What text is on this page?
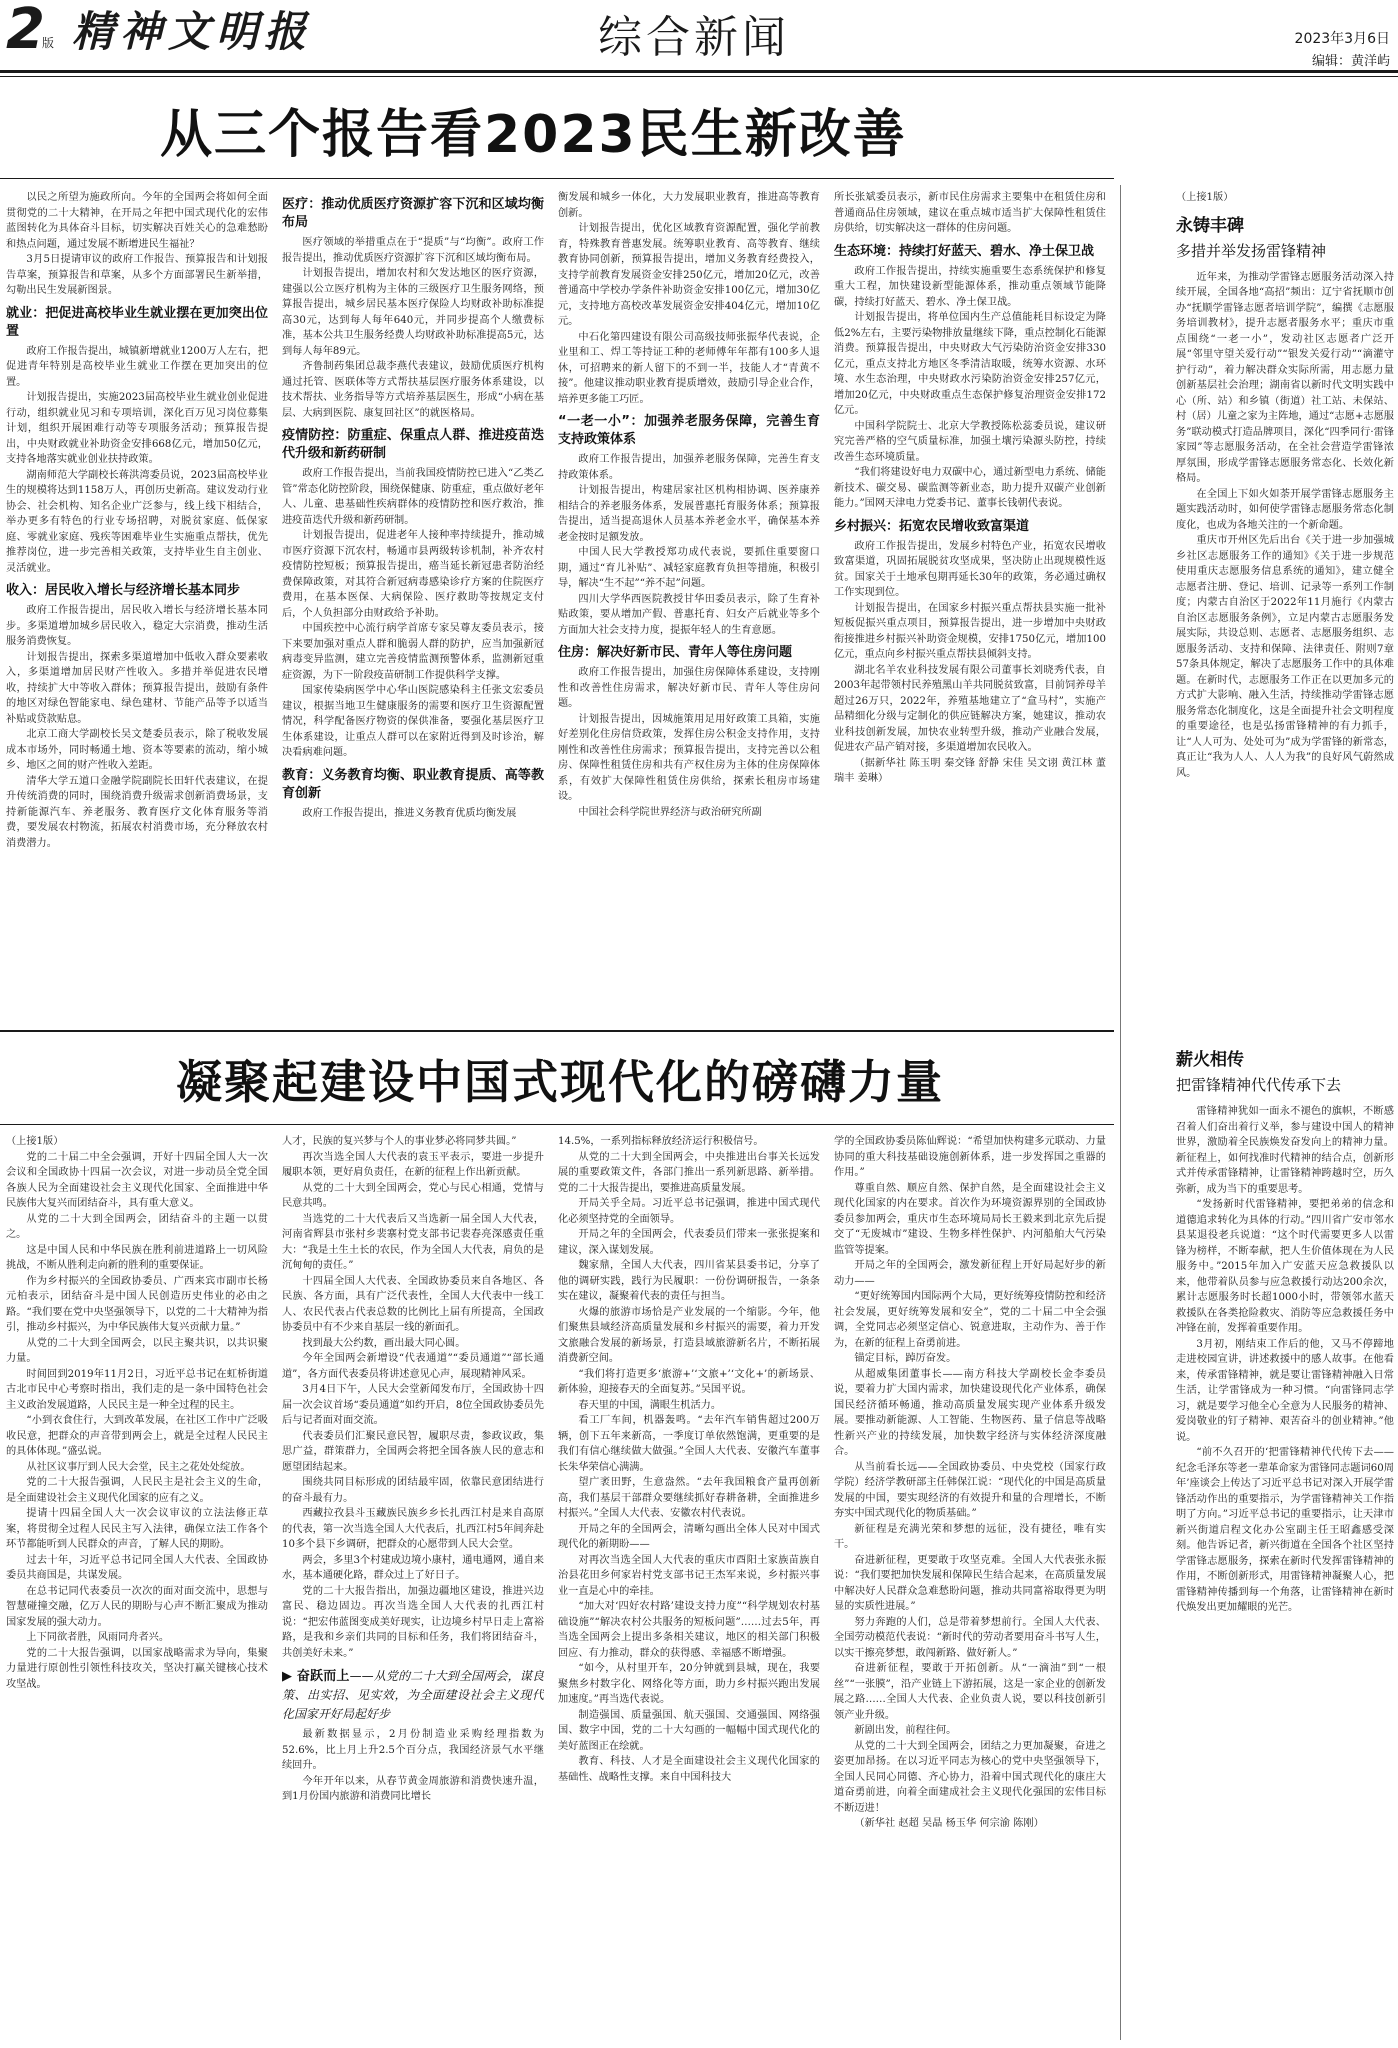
2
版 精神文明报	综合新闻	2023年3月6日
编辑：黄洋屿
从三个报告看2023民生新改善

以民之所望为施政所向。今年的全国两会将如何全面贯彻党的二十大精神，在开局之年把中国式现代化的宏伟蓝图转化为具体奋斗目标，切实解决百姓关心的急难愁盼和热点问题，通过发展不断增进民生福祉？

3月5日提请审议的政府工作报告、预算报告和计划报告草案，预算报告和草案，从多个方面部署民生新举措，勾勒出民生发展新图景。

就业：把促进高校毕业生就业摆在更加突出位置

政府工作报告提出，城镇新增就业1200万人左右，把促进青年特别是高校毕业生就业工作摆在更加突出的位置。

计划报告提出，实施2023届高校毕业生就业创业促进行动，组织就业见习和专项培训，深化百万见习岗位募集计划，组织开展困难行动等专项服务活动；预算报告提出，中央财政就业补助资金安排668亿元，增加50亿元，支持各地落实就业创业扶持政策。

湖南师范大学副校长蒋洪湾委员说，2023届高校毕业生的规模将达到1158万人，再创历史新高。建议发动行业协会、社会机构、知名企业广泛参与，线上线下相结合，举办更多有特色的行业专场招聘，对脱贫家庭、低保家庭、零就业家庭、残疾等困难毕业生实施重点帮扶，优先推荐岗位，进一步完善相关政策，支持毕业生自主创业、灵活就业。

收入：居民收入增长与经济增长基本同步

政府工作报告提出，居民收入增长与经济增长基本同步。多渠道增加城乡居民收入，稳定大宗消费，推动生活服务消费恢复。

计划报告提出，探索多渠道增加中低收入群众要素收入，多渠道增加居民财产性收入。多措并举促进农民增收，持续扩大中等收入群体；预算报告提出，鼓励有条件的地区对绿色智能家电、绿色建材、节能产品等予以适当补贴或贷款贴息。

北京工商大学副校长吴文楚委员表示，除了税收发展成本市场外，同时畅通土地、资本等要素的流动，缩小城乡、地区之间的财产性收入差距。

清华大学五道口金融学院副院长田轩代表建议，在提升传统消费的同时，围绕消费升级需求创新消费场景，支持新能源汽车、养老服务、教育医疗文化体育服务等消费，要发展农村物流，拓展农村消费市场，充分释放农村消费潜力。

医疗：推动优质医疗资源扩容下沉和区域均衡布局

医疗领域的举措重点在于“提质”与“均衡”。政府工作报告提出，推动优质医疗资源扩容下沉和区域均衡布局。

计划报告提出，增加农村和欠发达地区的医疗资源，建强以公立医疗机构为主体的三级医疗卫生服务网络，预算报告提出，城乡居民基本医疗保险人均财政补助标准提高30元，达到每人每年640元，并同步提高个人缴费标准，基本公共卫生服务经费人均财政补助标准提高5元，达到每人每年89元。

齐鲁制药集团总裁李燕代表建议，鼓励优质医疗机构通过托管、医联体等方式帮扶基层医疗服务体系建设，以技术帮扶、业务指导等方式培养基层医生，形成“小病在基层、大病到医院、康复回社区”的就医格局。

疫情防控：防重症、保重点人群、推进疫苗迭代升级和新药研制

政府工作报告提出，当前我国疫情防控已进入“乙类乙管”常态化防控阶段，围绕保健康、防重症，重点做好老年人、儿童、患基础性疾病群体的疫情防控和医疗救治，推进疫苗迭代升级和新药研制。

计划报告提出，促进老年人接种率持续提升，推动城市医疗资源下沉农村，畅通市县两级转诊机制，补齐农村疫情防控短板；预算报告提出，癌当延长新冠患者防治经费保障政策，对其符合新冠病毒感染诊疗方案的住院医疗费用，在基本医保、大病保险、医疗救助等按规定支付后，个人负担部分由财政给予补助。

中国疾控中心流行病学首席专家吴尊友委员表示，接下来要加强对重点人群和脆弱人群的防护，应当加强新冠病毒变异监测，建立完善疫情监测预警体系，监测新冠重症资源，为下一阶段疫苗研制工作提供科学支撑。

国家传染病医学中心华山医院感染科主任张文宏委员建议，根据当地卫生健康服务的需要和医疗卫生资源配置情况，科学配备医疗物资的保供准备，要强化基层医疗卫生体系建设，让重点人群可以在家附近得到及时诊治，解决看病难问题。

教育：义务教育均衡、职业教育提质、高等教育创新

政府工作报告提出，推进义务教育优质均衡发展

衡发展和城乡一体化，大力发展职业教育，推进高等教育创新。

计划报告提出，优化区域教育资源配置，强化学前教育，特殊教育普惠发展。统筹职业教育、高等教育、继续教育协同创新，预算报告提出，增加义务教育经费投入，支持学前教育发展资金安排250亿元，增加20亿元，改善普通高中学校办学条件补助资金安排100亿元，增加30亿元，支持地方高校改革发展资金安排404亿元，增加10亿元。

中石化第四建设有限公司高级技师张振华代表说，企业里和工、焊工等持证工种的老师傅年年都有100多人退休，可招聘来的新人留下的不到一半，技能人才“青黄不接”。他建议推动职业教育提质增效，鼓励引导企业合作，培养更多能工巧匠。

“一老一小”：加强养老服务保障，完善生育支持政策体系

政府工作报告提出，加强养老服务保障，完善生育支持政策体系。

计划报告提出，构建居家社区机构相协调、医养康养相结合的养老服务体系，发展普惠托育服务体系；预算报告提出，适当提高退休人员基本养老金水平，确保基本养老金按时足额发放。

中国人民大学教授郑功成代表说，要抓住重要窗口期，通过“育儿补贴”、减轻家庭教育负担等措施，积极引导，解决“生不起”“养不起”问题。

四川大学华西医院教授甘华田委员表示，除了生育补贴政策，要从增加产假、普惠托育、妇女产后就业等多个方面加大社会支持力度，提振年轻人的生育意愿。

住房：解决好新市民、青年人等住房问题

政府工作报告提出，加强住房保障体系建设，支持刚性和改善性住房需求，解决好新市民、青年人等住房问题。

计划报告提出，因城施策用足用好政策工具箱，实施好差别化住房信贷政策，发挥住房公积金支持作用，支持刚性和改善性住房需求；预算报告提出，支持完善以公租房、保障性租赁住房和共有产权住房为主体的住房保障体系，有效扩大保障性租赁住房供给，探索长租房市场建设。

中国社会科学院世界经济与政治研究所副

所长张斌委员表示，新市民住房需求主要集中在租赁住房和普通商品住房领域，建议在重点城市适当扩大保障性租赁住房供给，切实解决这一群体的住房问题。

生态环境：持续打好蓝天、碧水、净土保卫战

政府工作报告提出，持续实施重要生态系统保护和修复重大工程，加快建设新型能源体系，推动重点领域节能降碳，持续打好蓝天、碧水、净土保卫战。

计划报告提出，将单位国内生产总值能耗目标设定为降低2%左右，主要污染物排放量继续下降，重点控制化石能源消费。预算报告提出，中央财政大气污染防治资金安排330亿元，重点支持北方地区冬季清洁取暖，统筹水资源、水环境、水生态治理，中央财政水污染防治资金安排257亿元，增加20亿元，中央财政重点生态保护修复治理资金安排172亿元。

中国科学院院士、北京大学教授陈松蕊委员说，建议研究完善严格的空气质量标准，加强土壤污染源头防控，持续改善生态环境质量。

“我们将建设好电力双碳中心，通过新型电力系统、储能新技术、碳交易、碳监测等新业态，助力提升双碳产业创新能力。”国网天津电力党委书记、董事长钱朝代表说。

乡村振兴：拓宽农民增收致富渠道

政府工作报告提出，发展乡村特色产业，拓宽农民增收致富渠道，巩固拓展脱贫攻坚成果，坚决防止出现规模性返贫。国家关于土地承包期再延长30年的政策，务必通过确权工作实现到位。

计划报告提出，在国家乡村振兴重点帮扶县实施一批补短板促振兴重点项目，预算报告提出，进一步增加中央财政衔接推进乡村振兴补助资金规模，安排1750亿元，增加100亿元，重点向乡村振兴重点帮扶县倾斜支持。

湖北名羊农业科技发展有限公司董事长刘晓秀代表，自2003年起带领村民养殖黑山羊共同脱贫致富，目前饲养母羊超过26万只，2022年，养殖基地建立了“盒马村”，实施产品精细化分级与定制化的供应链解决方案，她建议，推动农业科技创新发展，加快农业转型升级，推动产业融合发展，促进农产品产销对接，多渠道增加农民收入。

（据新华社 陈玉明 秦交锋 舒静 宋佳 吴文诩 黄江林 董瑞丰 姜琳）

凝聚起建设中国式现代化的磅礴力量

（上接1版）

党的二十届二中全会强调，开好十四届全国人大一次会议和全国政协十四届一次会议，对进一步动员全党全国各族人民为全面建设社会主义现代化国家、全面推进中华民族伟大复兴而团结奋斗，具有重大意义。

从党的二十大到全国两会，团结奋斗的主题一以贯之。

这是中国人民和中华民族在胜利前进道路上一切风险挑战，不断从胜利走向新的胜利的重要保证。

作为乡村振兴的全国政协委员、广西来宾市副市长杨元柏表示，团结奋斗是中国人民创造历史伟业的必由之路。“我们要在党中央坚强领导下，以党的二十大精神为指引，推动乡村振兴，为中华民族伟大复兴贡献力量。”

从党的二十大到全国两会，以民主聚共识，以共识聚力量。

时间回到2019年11月2日，习近平总书记在虹桥街道古北市民中心考察时指出，我们走的是一条中国特色社会主义政治发展道路，人民民主是一种全过程的民主。

“小到衣食住行，大到改革发展，在社区工作中广泛吸收民意，把群众的声音带到两会上，就是全过程人民民主的具体体现。”盛弘说。

从社区议事厅到人民大会堂，民主之花处处绽放。

党的二十大报告强调，人民民主是社会主义的生命，是全面建设社会主义现代化国家的应有之义。

提请十四届全国人大一次会议审议的立法法修正草案，将贯彻全过程人民民主写入法律，确保立法工作各个环节都能听到人民群众的声音，了解人民的期盼。

过去十年，习近平总书记同全国人大代表、全国政协委员共商国是，共谋发展。

在总书记同代表委员一次次的面对面交流中，思想与智慧碰撞交融，亿万人民的期盼与心声不断汇聚成为推动国家发展的强大动力。

上下同欲者胜，风雨同舟者兴。

党的二十大报告强调，以国家战略需求为导向，集聚力量进行原创性引领性科技攻关，坚决打赢关键核心技术攻坚战。

人才，民族的复兴梦与个人的事业梦必将同梦共圆。”

再次当选全国人大代表的袁玉平表示，要进一步提升履职本领，更好肩负责任，在新的征程上作出新贡献。

从党的二十大到全国两会，党心与民心相通，党情与民意共鸣。

当选党的二十大代表后又当选新一届全国人大代表，河南省辉县市张村乡裴寨村党支部书记裴春亮深感责任重大：“我是土生土长的农民，作为全国人大代表，肩负的是沉甸甸的责任。”

十四届全国人大代表、全国政协委员来自各地区、各民族、各方面，具有广泛代表性，全国人大代表中一线工人、农民代表占代表总数的比例比上届有所提高，全国政协委员中有不少来自基层一线的新面孔。

找到最大公约数，画出最大同心圆。

今年全国两会新增设“代表通道”“委员通道”“部长通道”，各方面代表委员将讲述意见心声，展现精神风采。

3月4日下午，人民大会堂新闻发布厅，全国政协十四届一次会议首场“委员通道”如约开启，8位全国政协委员先后与记者面对面交流。

代表委员们汇聚民意民智，履职尽责，参政议政，集思广益，群策群力，全国两会将把全国各族人民的意志和愿望团结起来。

围绕共同目标形成的团结最牢固，依靠民意团结进行的奋斗最有力。

西藏拉孜县斗玉藏族民族乡乡长扎西江村是来自高原的代表，第一次当选全国人大代表后，扎西江村5年间奔赴10多个县下乡调研，把群众的心愿带到人民大会堂。

两会，多里3个村建成边境小康村，通电通网，通自来水，基本通硬化路，群众过上了好日子。

党的二十大报告指出，加强边疆地区建设，推进兴边富民、稳边固边。再次当选全国人大代表的扎西江村说：“把宏伟蓝图变成美好现实，让边境乡村早日走上富裕路，是我和乡亲们共同的目标和任务，我们将团结奋斗，共创美好未来。”

▶ 奋跃而上——从党的二十大到全国两会，谋良策、出实招、见实效，为全面建设社会主义现代化国家开好局起好步

最新数据显示，2月份制造业采购经理指数为52.6%，比上月上升2.5个百分点，我国经济景气水平继续回升。

今年开年以来，从春节黄金周旅游和消费快速升温，到1月份国内旅游和消费同比增长

14.5%，一系列指标释放经济运行积极信号。

从党的二十大到全国两会，中央推进出台事关长远发展的重要政策文件，各部门推出一系列新思路、新举措。党的二十大报告提出，要推进高质量发展。

开局关乎全局。习近平总书记强调，推进中国式现代化必须坚持党的全面领导。

开局之年的全国两会，代表委员们带来一张张提案和建议，深入谋划发展。

魏家鼎，全国人大代表，四川省某县委书记，分享了他的调研实践，践行为民履职：一份份调研报告，一条条实在建议，凝聚着代表的责任与担当。

火爆的旅游市场恰是产业发展的一个缩影。今年，他们聚焦县域经济高质量发展和乡村振兴的需要，着力开发文旅融合发展的新场景，打造县域旅游新名片，不断拓展消费新空间。

“我们将打造更多‘旅游+’‘文旅+’‘文化+’的新场景、新体验，迎接春天的全面复苏。”吴国平说。

春天里的中国，满眼生机活力。

看工厂车间，机器轰鸣。“去年汽车销售超过200万辆，创下五年来新高，一季度订单依然饱满，更重要的是我们有信心继续做大做强。”全国人大代表、安徽汽车董事长朱华荣信心满满。

望广袤田野，生意盎然。“去年我国粮食产量再创新高，我们基层干部群众要继续抓好春耕备耕，全面推进乡村振兴。”全国人大代表、安徽农村代表说。

开局之年的全国两会，清晰勾画出全体人民对中国式现代化的新期盼——

对再次当选全国人大代表的重庆市酉阳土家族苗族自治县花田乡何家岩村党支部书记王杰军来说，乡村振兴事业一直是心中的牵挂。

“加大对‘四好农村路’建设支持力度”“科学规划农村基础设施”“解决农村公共服务的短板问题”……过去5年，再当选全国两会上提出多条相关建议，地区的相关部门积极回应、有力推动，群众的获得感、幸福感不断增强。

“如今，从村里开车，20分钟就到县城，现在，我要聚焦乡村数字化、网络化等方面，助力乡村振兴跑出发展加速度。”再当选代表说。

制造强国、质量强国、航天强国、交通强国、网络强国、数字中国，党的二十大勾画的一幅幅中国式现代化的美好蓝图正在绘就。

教育、科技、人才是全面建设社会主义现代化国家的基础性、战略性支撑。来自中国科技大

学的全国政协委员陈仙辉说：“希望加快构建多元联动、力量协同的重大科技基础设施创新体系，进一步发挥国之重器的作用。”

尊重自然、顺应自然、保护自然，是全面建设社会主义现代化国家的内在要求。首次作为环境资源界别的全国政协委员参加两会，重庆市生态环境局局长王毅来到北京先后提交了“无废城市”建设、生物多样性保护、内河船舶大气污染监管等提案。

开局之年的全国两会，激发新征程上开好局起好步的新动力——

“更好统筹国内国际两个大局，更好统筹疫情防控和经济社会发展，更好统筹发展和安全”，党的二十届二中全会强调，全党同志必须坚定信心、锐意进取，主动作为、善于作为，在新的征程上奋勇前进。

锚定目标，踔厉奋发。

从超威集团董事长——南方科技大学副校长金李委员说，要着力扩大国内需求，加快建设现代化产业体系，确保国民经济循环畅通，推动高质量发展实现产业体系升级发展。要推动新能源、人工智能、生物医药、量子信息等战略性新兴产业的持续发展，加快数字经济与实体经济深度融合。

从当前看长远——全国政协委员、中央党校（国家行政学院）经济学教研部主任韩保江说：“现代化的中国是高质量发展的中国，要实现经济的有效提升和量的合理增长，不断夯实中国式现代化的物质基础。”

新征程是充满光荣和梦想的远征，没有捷径，唯有实干。

奋进新征程，更要敢于攻坚克难。全国人大代表张永振说：“我们要把加快发展和保障民生结合起来，在高质量发展中解决好人民群众急难愁盼问题，推动共同富裕取得更为明显的实质性进展。”

努力奔跑的人们，总是带着梦想前行。全国人大代表、全国劳动模范代表说：“新时代的劳动者要用奋斗书写人生，以实干擦亮梦想，敢闯新路、做好新人。”

奋进新征程，要敢于开拓创新。从“一滴油”到“一根丝”“一张膜”，沿产业链上下游拓展，这是一家企业的创新发展之路……全国人大代表、企业负责人说，要以科技创新引领产业升级。

新剧出发，前程往何。

从党的二十大到全国两会，团结之力更加凝聚，奋进之姿更加昂扬。在以习近平同志为核心的党中央坚强领导下，全国人民同心同德、齐心协力，沿着中国式现代化的康庄大道奋勇前进，向着全面建成社会主义现代化强国的宏伟目标不断迈进！

（新华社 赵超 吴晶 杨玉华 何宗渝 陈刚）

（上接1版）

永铸丰碑
多措并举发扬雷锋精神

近年来，为推动学雷锋志愿服务活动深入持续开展，全国各地“高招”频出：辽宁省抚顺市创办“抚顺学雷锋志愿者培训学院”，编撰《志愿服务培训教材》，提升志愿者服务水平；重庆市重点围绕“一老一小”，发动社区志愿者广泛开展“邻里守望关爱行动”“银发关爱行动”“滴灌守护行动”，着力解决群众实际所需，用志愿力量创新基层社会治理；湖南省以新时代文明实践中心（所、站）和乡镇（街道）社工站、未保站、村（居）儿童之家为主阵地，通过“志愿+志愿服务”联动模式打造品牌项目，深化“四季同行·雷锋家园”等志愿服务活动，在全社会营造学雷锋浓厚氛围，形成学雷锋志愿服务常态化、长效化新格局。

在全国上下如火如荼开展学雷锋志愿服务主题实践活动时，如何使学雷锋志愿服务常态化制度化，也成为各地关注的一个新命题。

重庆市开州区先后出台《关于进一步加强城乡社区志愿服务工作的通知》《关于进一步规范使用重庆志愿服务信息系统的通知》，建立健全志愿者注册、登记、培训、记录等一系列工作制度；内蒙古自治区于2022年11月施行《内蒙古自治区志愿服务条例》，立足内蒙古志愿服务发展实际，共设总则、志愿者、志愿服务组织、志愿服务活动、支持和保障、法律责任、附则7章57条具体规定，解决了志愿服务工作中的具体难题。在新时代，志愿服务工作正在以更加多元的方式扩大影响、融入生活，持续推动学雷锋志愿服务常态化制度化，这是全面提升社会文明程度的重要途径，也是弘扬雷锋精神的有力抓手，让“人人可为、处处可为”成为学雷锋的新常态，真正让“我为人人、人人为我”的良好风气蔚然成风。

薪火相传
把雷锋精神代代传承下去

雷锋精神犹如一面永不褪色的旗帜，不断感召着人们奋出着行义举，参与建设中国人的精神世界，激励着全民族焕发奋发向上的精神力量。新征程上，如何找准时代精神的结合点，创新形式并传承雷锋精神，让雷锋精神跨越时空，历久弥新，成为当下的重要思考。

“发扬新时代雷锋精神，要把弟弟的信念和道德追求转化为具体的行动。”四川省广安市邻水县某退役老兵说道：“这个时代需要更多人以雷锋为榜样，不断奉献，把人生价值体现在为人民服务中。”2015年加入广安蓝天应急救援队以来，他带着队员参与应急救援行动达200余次，累计志愿服务时长超1000小时，带领邻水蓝天救援队在各类抢险救灾、消防等应急救援任务中冲锋在前，发挥着重要作用。

3月初，刚结束工作后的他，又马不停蹄地走进校园宣讲，讲述救援中的感人故事。在他看来，传承雷锋精神，就是要让雷锋精神融入日常生活，让学雷锋成为一种习惯。“向雷锋同志学习，就是要学习他全心全意为人民服务的精神、爱岗敬业的钉子精神、艰苦奋斗的创业精神。”他说。

“前不久召开的‘把雷锋精神代代传下去——纪念毛泽东等老一辈革命家为雷锋同志题词60周年’座谈会上传达了习近平总书记对深入开展学雷锋活动作出的重要指示，为学雷锋精神关工作指明了方向。”习近平总书记的重要指示，让天津市新兴街道启程文化办公室副主任王昭鑫感受深刻。他告诉记者，新兴街道在全国各个社区坚持学雷锋志愿服务，探索在新时代发挥雷锋精神的作用，不断创新形式，用雷锋精神凝聚人心，把雷锋精神传播到每一个角落，让雷锋精神在新时代焕发出更加耀眼的光芒。
